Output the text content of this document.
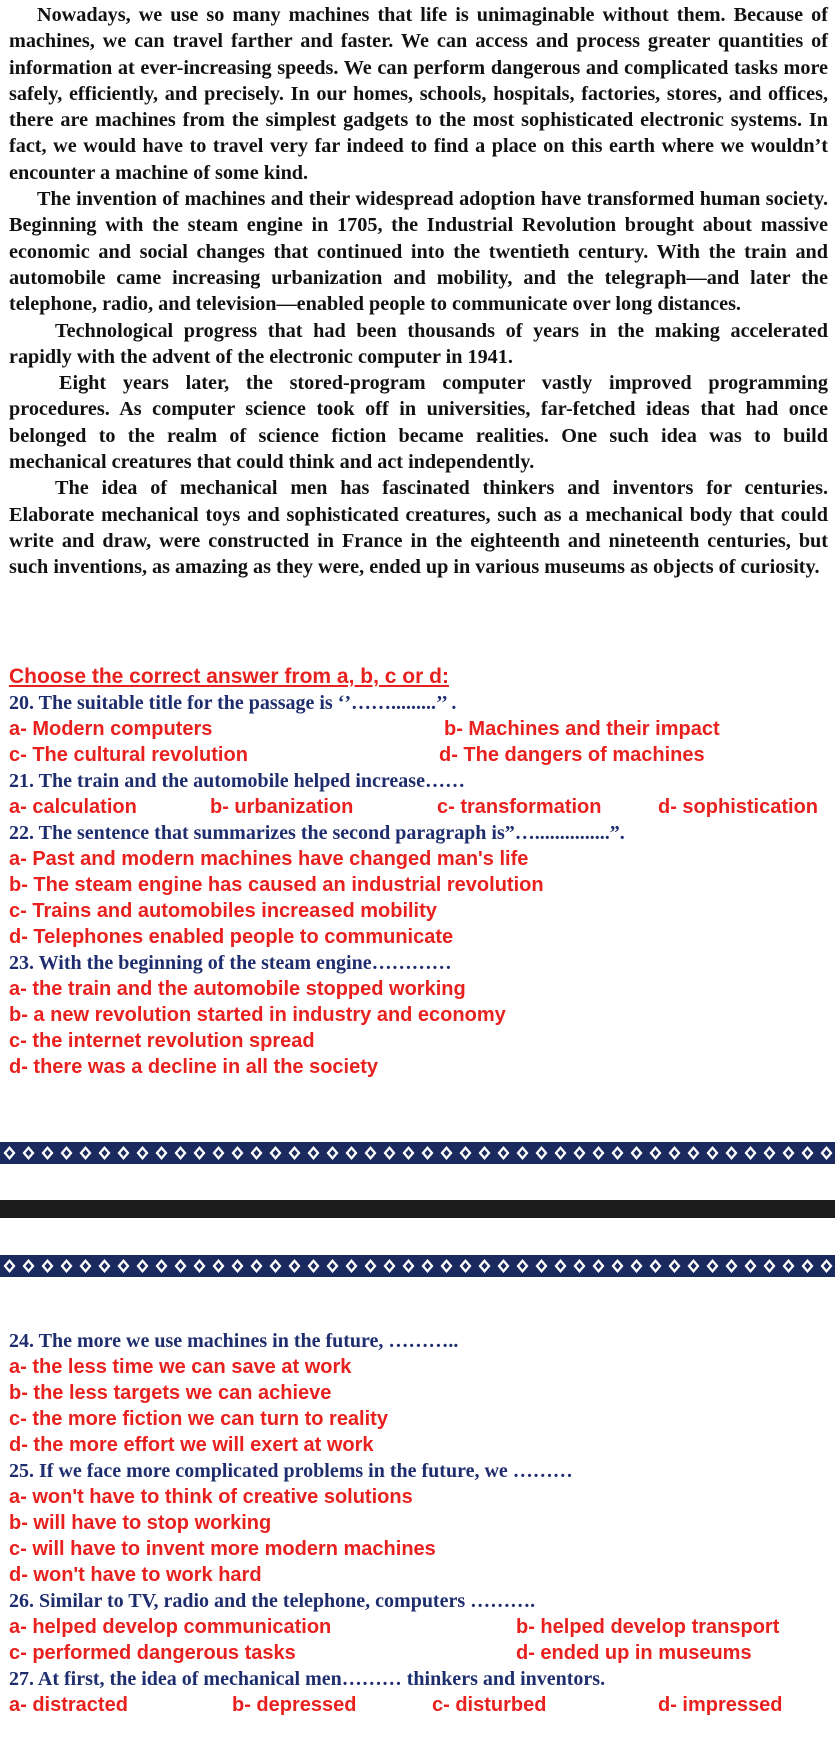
Nowadays, we use so many machines that life is unimaginable without them. Because of machines, we can travel farther and faster. We can access and process greater quantities of information at ever-increasing speeds. We can perform dangerous and complicated tasks more safely, efficiently, and precisely. In our homes, schools, hospitals, factories, stores, and offices, there are machines from the simplest gadgets to the most sophisticated electronic systems. In fact, we would have to travel very far indeed to find a place on this earth where we wouldn’t encounter a machine of some kind.

The invention of machines and their widespread adoption have transformed human society. Beginning with the steam engine in 1705, the Industrial Revolution brought about massive economic and social changes that continued into the twentieth century. With the train and automobile came increasing urbanization and mobility, and the telegraph—and later the telephone, radio, and television—enabled people to communicate over long distances.

Technological progress that had been thousands of years in the making accelerated rapidly with the advent of the electronic computer in 1941.

Eight years later, the stored-program computer vastly improved programming procedures. As computer science took off in universities, far-fetched ideas that had once belonged to the realm of science fiction became realities. One such idea was to build mechanical creatures that could think and act independently.

The idea of mechanical men has fascinated thinkers and inventors for centuries. Elaborate mechanical toys and sophisticated creatures, such as a mechanical body that could write and draw, were constructed in France in the eighteenth and nineteenth centuries, but such inventions, as amazing as they were, ended up in various museums as objects of curiosity.

Choose the correct answer from a, b, c or d:
20. The suitable title for the passage is ‘’…….........’’ .
a- Modern computers	b- Machines and their impact
c- The cultural revolution	d- The dangers of machines
21. The train and the automobile helped increase……
a- calculation	b- urbanization	c- transformation	d- sophistication
22. The sentence that summarizes the second paragraph is”…...............”.
a- Past and modern machines have changed man's life
b- The steam engine has caused an industrial revolution
c- Trains and automobiles increased mobility
d- Telephones enabled people to communicate
23. With the beginning of the steam engine…………
a- the train and the automobile stopped working
b- a new revolution started in industry and economy
c- the internet revolution spread
d- there was a decline in all the society
24. The more we use machines in the future, ………..
a- the less time we can save at work
b- the less targets we can achieve
c- the more fiction we can turn to reality
d- the more effort we will exert at work
25. If we face more complicated problems in the future, we ………
a- won't have to think of creative solutions
b- will have to stop working
c- will have to invent more modern machines
d- won't have to work hard
26. Similar to TV, radio and the telephone, computers ……….
a- helped develop communication	b- helped develop transport
c- performed dangerous tasks	d- ended up in museums
27. At first, the idea of mechanical men……… thinkers and inventors.
a- distracted	b- depressed	c- disturbed	d- impressed
